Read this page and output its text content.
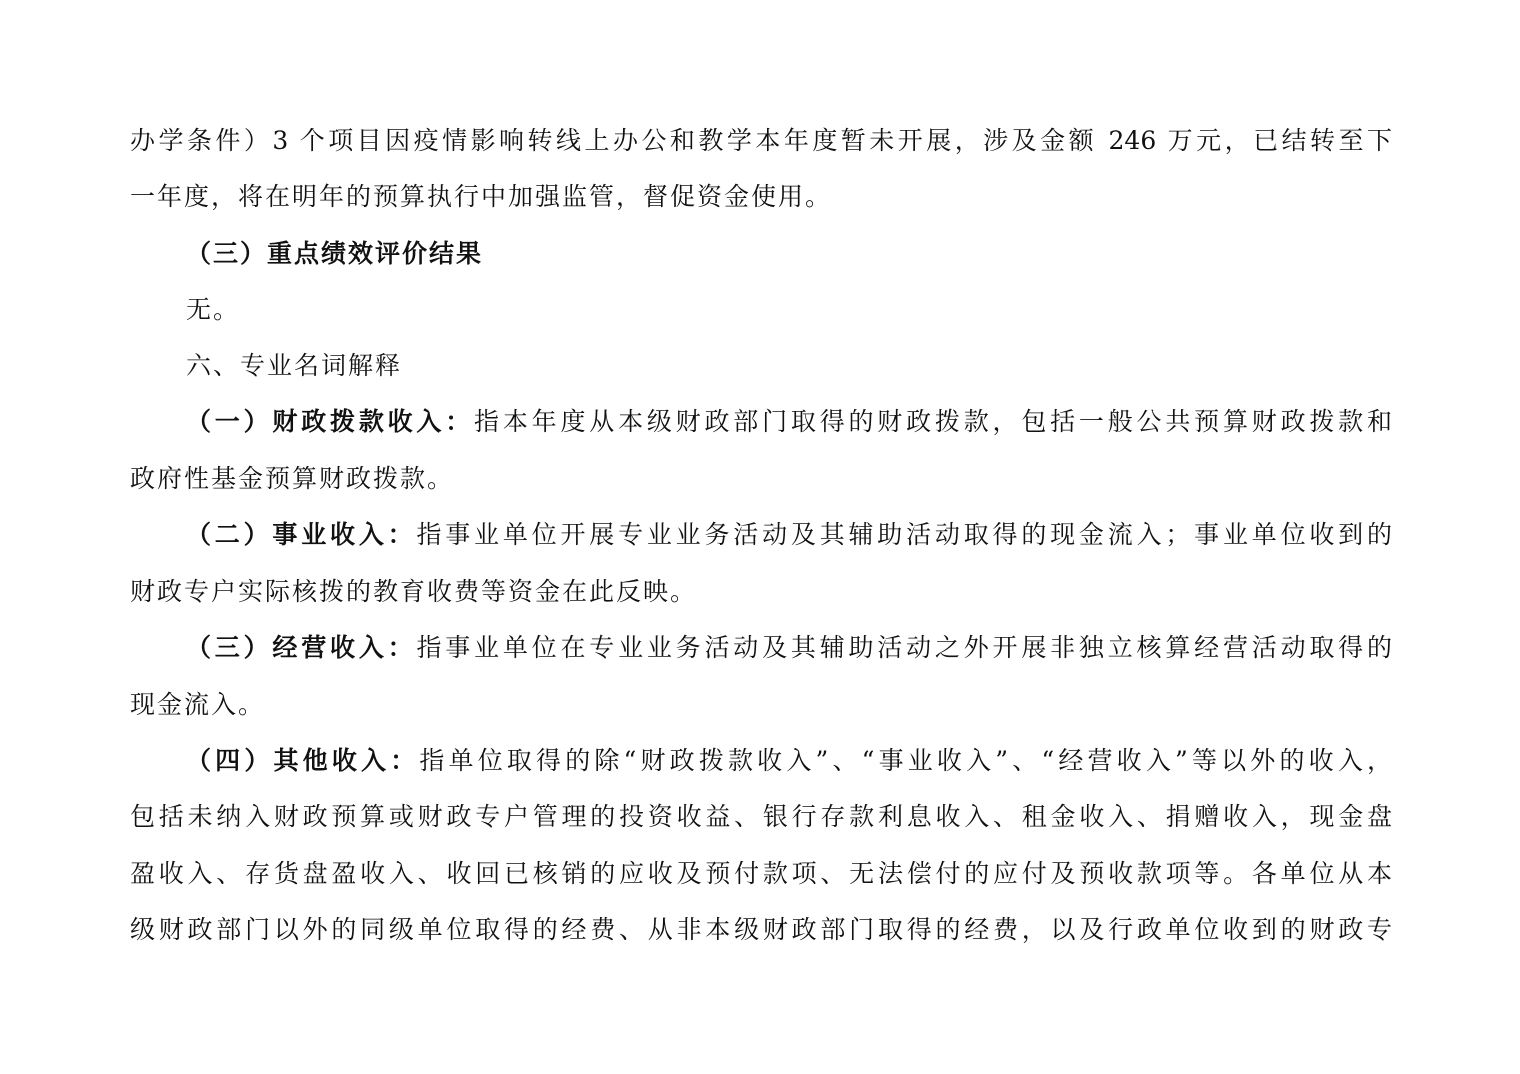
办学条件）3 个项目因疫情影响转线上办公和教学本年度暂未开展，涉及金额 246 万元，已结转至下
一年度，将在明年的预算执行中加强监管，督促资金使用。
（三）重点绩效评价结果
无。
六、专业名词解释
（一）财政拨款收入：指本年度从本级财政部门取得的财政拨款，包括一般公共预算财政拨款和
政府性基金预算财政拨款。
（二）事业收入：指事业单位开展专业业务活动及其辅助活动取得的现金流入；事业单位收到的
财政专户实际核拨的教育收费等资金在此反映。
（三）经营收入：指事业单位在专业业务活动及其辅助活动之外开展非独立核算经营活动取得的
现金流入。
（四）其他收入：指单位取得的除“财政拨款收入”、“事业收入”、“经营收入”等以外的收入，
包括未纳入财政预算或财政专户管理的投资收益、银行存款利息收入、租金收入、捐赠收入，现金盘
盈收入、存货盘盈收入、收回已核销的应收及预付款项、无法偿付的应付及预收款项等。各单位从本
级财政部门以外的同级单位取得的经费、从非本级财政部门取得的经费，以及行政单位收到的财政专
